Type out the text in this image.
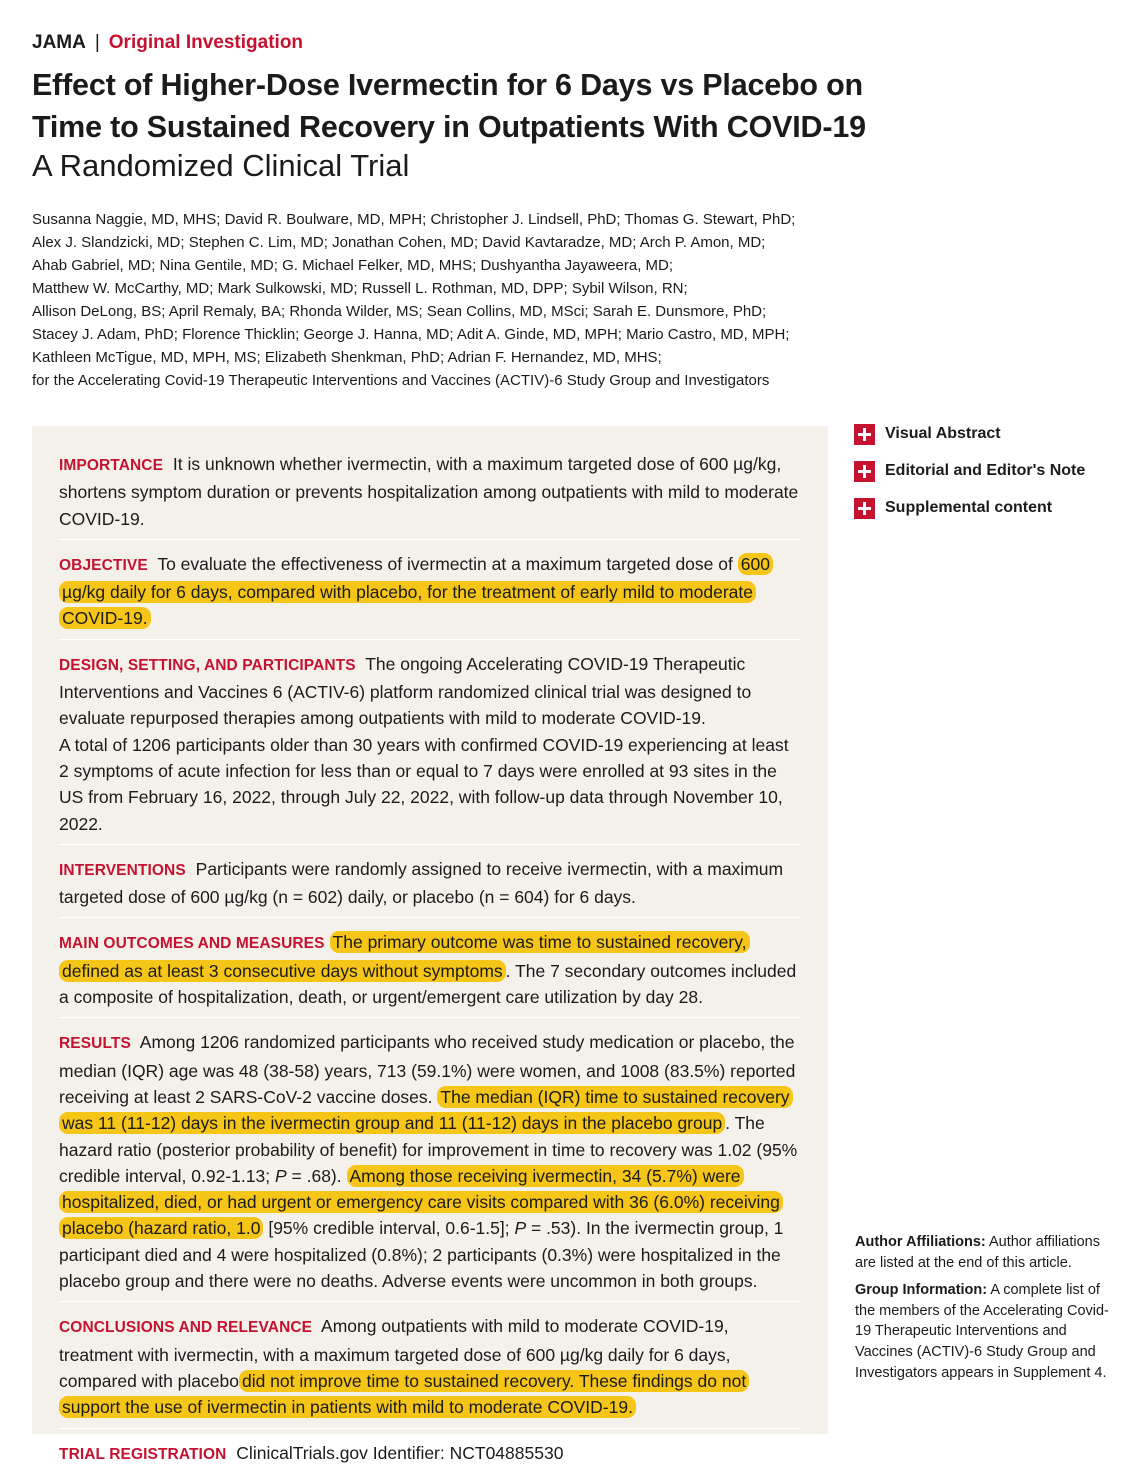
JAMA | Original Investigation
Effect of Higher-Dose Ivermectin for 6 Days vs Placebo on Time to Sustained Recovery in Outpatients With COVID-19
A Randomized Clinical Trial
Susanna Naggie, MD, MHS; David R. Boulware, MD, MPH; Christopher J. Lindsell, PhD; Thomas G. Stewart, PhD;
Alex J. Slandzicki, MD; Stephen C. Lim, MD; Jonathan Cohen, MD; David Kavtaradze, MD; Arch P. Amon, MD;
Ahab Gabriel, MD; Nina Gentile, MD; G. Michael Felker, MD, MHS; Dushyantha Jayaweera, MD;
Matthew W. McCarthy, MD; Mark Sulkowski, MD; Russell L. Rothman, MD, DPP; Sybil Wilson, RN;
Allison DeLong, BS; April Remaly, BA; Rhonda Wilder, MS; Sean Collins, MD, MSci; Sarah E. Dunsmore, PhD;
Stacey J. Adam, PhD; Florence Thicklin; George J. Hanna, MD; Adit A. Ginde, MD, MPH; Mario Castro, MD, MPH;
Kathleen McTigue, MD, MPH, MS; Elizabeth Shenkman, PhD; Adrian F. Hernandez, MD, MHS;
for the Accelerating Covid-19 Therapeutic Interventions and Vaccines (ACTIV)-6 Study Group and Investigators
IMPORTANCE It is unknown whether ivermectin, with a maximum targeted dose of 600 µg/kg, shortens symptom duration or prevents hospitalization among outpatients with mild to moderate COVID-19.
OBJECTIVE To evaluate the effectiveness of ivermectin at a maximum targeted dose of 600 µg/kg daily for 6 days, compared with placebo, for the treatment of early mild to moderate COVID-19.
DESIGN, SETTING, AND PARTICIPANTS The ongoing Accelerating COVID-19 Therapeutic Interventions and Vaccines 6 (ACTIV-6) platform randomized clinical trial was designed to evaluate repurposed therapies among outpatients with mild to moderate COVID-19.
A total of 1206 participants older than 30 years with confirmed COVID-19 experiencing at least 2 symptoms of acute infection for less than or equal to 7 days were enrolled at 93 sites in the US from February 16, 2022, through July 22, 2022, with follow-up data through November 10, 2022.
INTERVENTIONS Participants were randomly assigned to receive ivermectin, with a maximum targeted dose of 600 µg/kg (n = 602) daily, or placebo (n = 604) for 6 days.
MAIN OUTCOMES AND MEASURES The primary outcome was time to sustained recovery, defined as at least 3 consecutive days without symptoms . The 7 secondary outcomes included a composite of hospitalization, death, or urgent/emergent care utilization by day 28.
RESULTS Among 1206 randomized participants who received study medication or placebo, the median (IQR) age was 48 (38-58) years, 713 (59.1%) were women, and 1008 (83.5%) reported receiving at least 2 SARS-CoV-2 vaccine doses. The median (IQR) time to sustained recovery was 11 (11-12) days in the ivermectin group and 11 (11-12) days in the placebo group . The hazard ratio (posterior probability of benefit) for improvement in time to recovery was 1.02 (95% credible interval, 0.92-1.13; P = .68). Among those receiving ivermectin, 34 (5.7%) were hospitalized, died, or had urgent or emergency care visits compared with 36 (6.0%) receiving placebo (hazard ratio, 1.0 [95% credible interval, 0.6-1.5]; P = .53). In the ivermectin group, 1 participant died and 4 were hospitalized (0.8%); 2 participants (0.3%) were hospitalized in the placebo group and there were no deaths. Adverse events were uncommon in both groups.
CONCLUSIONS AND RELEVANCE Among outpatients with mild to moderate COVID-19, treatment with ivermectin, with a maximum targeted dose of 600 µg/kg daily for 6 days, compared with placebo did not improve time to sustained recovery. These findings do not support the use of ivermectin in patients with mild to moderate COVID-19.
TRIAL REGISTRATION ClinicalTrials.gov Identifier: NCT04885530
Visual Abstract
Editorial and Editor's Note
Supplemental content

Author Affiliations: Author affiliations are listed at the end of this article.

Group Information: A complete list of the members of the Accelerating Covid-19 Therapeutic Interventions and Vaccines (ACTIV)-6 Study Group and Investigators appears in Supplement 4.
